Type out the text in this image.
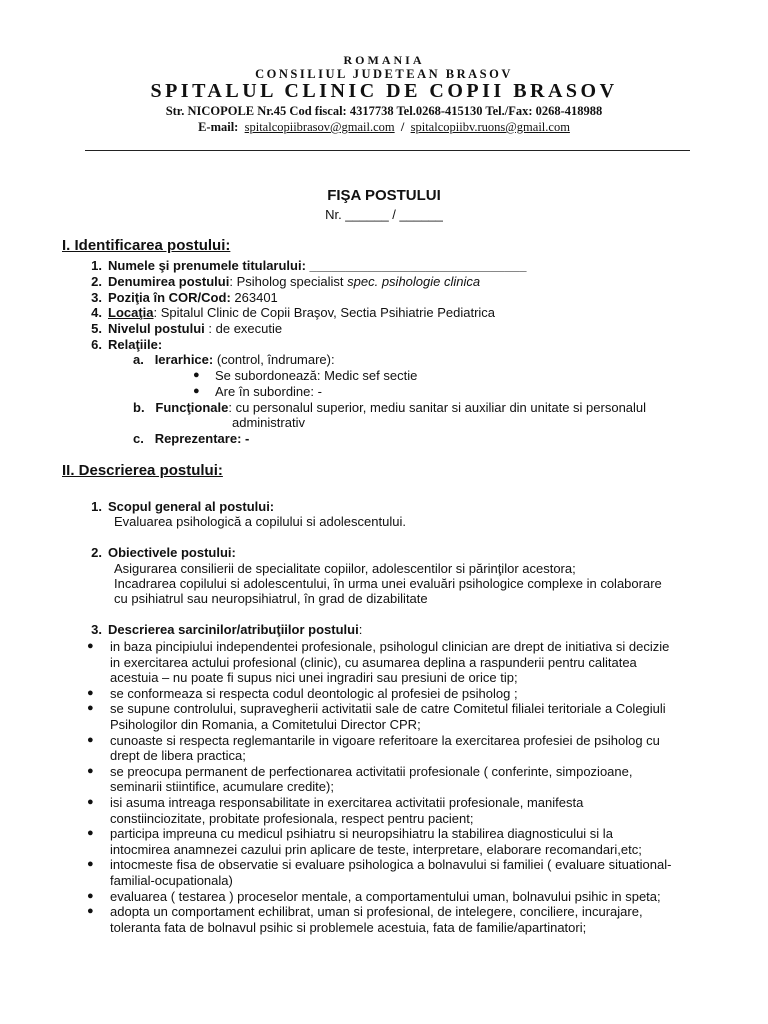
ROMANIA
CONSILIUL JUDETEAN BRASOV
SPITALUL CLINIC DE COPII BRASOV
Str. NICOPOLE Nr.45 Cod fiscal: 4317738 Tel.0268-415130 Tel./Fax: 0268-418988
E-mail: spitalcopiibrasov@gmail.com / spitalcopiibv.ruons@gmail.com
FIŞA POSTULUI
Nr. ______ / ______
I. Identificarea postului:
1. Numele şi prenumele titularului: ______________________________
2. Denumirea postului: Psiholog specialist spec. psihologie clinica
3. Poziţia în COR/Cod: 263401
4. Locaţia: Spitalul Clinic de Copii Braşov, Sectia Psihiatrie Pediatrica
5. Nivelul postului : de executie
6. Relaţiile:
a. Ierarhice: (control, îndrumare):
● Se subordonează: Medic sef sectie
● Are în subordine: -
b. Funcţionale: cu personalul superior, mediu sanitar si auxiliar din unitate si personalul
administrativ
c. Reprezentare: -
II. Descrierea postului:
1. Scopul general al postului:
Evaluarea psihologică a copilului si adolescentului.
2. Obiectivele postului:
Asigurarea consilierii de specialitate copiilor, adolescentilor si părinţilor acestora;
Incadrarea copilului si adolescentului, în urma unei evaluări psihologice complexe in colaborare
cu psihiatrul sau neuropsihiatrul, în grad de dizabilitate
3. Descrierea sarcinilor/atribuţiilor postului:
● in baza pincipiului independentei profesionale, psihologul clinician are drept de initiativa si decizie
in exercitarea actului profesional (clinic), cu asumarea deplina a raspunderii pentru calitatea
acestuia – nu poate fi supus nici unei ingradiri sau presiuni de orice tip;
● se conformeaza si respecta codul deontologic al profesiei de psiholog ;
● se supune controlului, supravegherii activitatii sale de catre Comitetul filialei teritoriale a Colegiuli
Psihologilor din Romania, a Comitetului Director CPR;
● cunoaste si respecta reglemantarile in vigoare referitoare la exercitarea profesiei de psiholog cu
drept de libera practica;
● se preocupa permanent de perfectionarea activitatii profesionale ( conferinte, simpozioane,
seminarii stiintifice, acumulare credite);
● isi asuma intreaga responsabilitate in exercitarea activitatii profesionale, manifesta
constiinciozitate, probitate profesionala, respect pentru pacient;
● participa impreuna cu medicul psihiatru si neuropsihiatru la stabilirea diagnosticului si la
intocmirea anamnezei cazului prin aplicare de teste, interpretare, elaborare recomandari,etc;
● intocmeste fisa de observatie si evaluare psihologica a bolnavului si familiei ( evaluare situational-
familial-ocupationala)
● evaluarea ( testarea ) proceselor mentale, a comportamentului uman, bolnavului psihic in speta;
● adopta un comportament echilibrat, uman si profesional, de intelegere, conciliere, incurajare,
toleranta fata de bolnavul psihic si problemele acestuia, fata de familie/apartinatori;
